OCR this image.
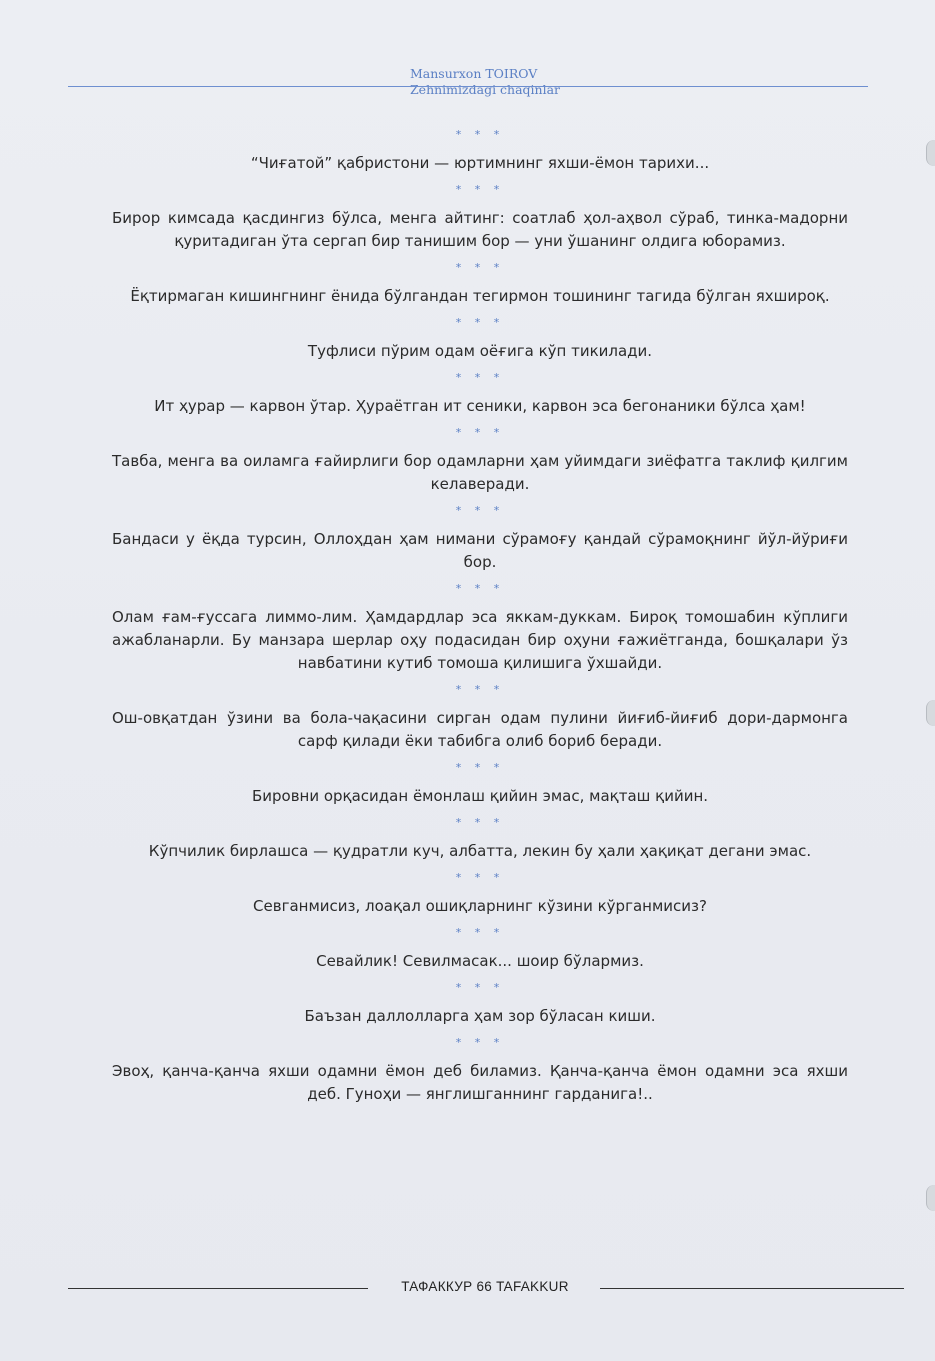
Mansurxon TOIROV
Zehnimizdagi chaqinlar
* * *

“Чиғатой” қабристони — юртимнинг яхши-ёмон тарихи...

* * *

Бирор кимсада қасдингиз бўлса, менга айтинг: соатлаб ҳол-аҳвол сўраб, тинка-мадорни қуритадиган ўта сергап бир танишим бор — уни ўшанинг олдига юборамиз.

* * *

Ёқтирмаган кишингнинг ёнида бўлгандан тегирмон тошининг тагида бўлган яхшироқ.

* * *

Туфлиси пўрим одам оёғига кўп тикилади.

* * *

Ит ҳурар — карвон ўтар. Ҳураётган ит сеники, карвон эса бегонаники бўлса ҳам!

* * *

Тавба, менга ва оиламга ғайирлиги бор одамларни ҳам уйимдаги зиёфатга таклиф қилгим келаверади.

* * *

Бандаси у ёқда турсин, Оллоҳдан ҳам нимани сўрамоғу қандай сўрамоқнинг йўл-йўриғи бор.

* * *

Олам ғам-ғуссага лиммо-лим. Ҳамдардлар эса яккам-дуккам. Бироқ томошабин кўплиги ажабланарли. Бу манзара шерлар оҳу подасидан бир оҳуни ғажиётганда, бошқалари ўз навбатини кутиб томоша қилишига ўхшайди.

* * *

Ош-овқатдан ўзини ва бола-чақасини сирган одам пулини йиғиб-йиғиб дори-дармонга сарф қилади ёки табибга олиб бориб беради.

* * *

Бировни орқасидан ёмонлаш қийин эмас, мақташ қийин.

* * *

Кўпчилик бирлашса — қудратли куч, албатта, лекин бу ҳали ҳақиқат дегани эмас.

* * *

Севганмисиз, лоақал ошиқларнинг кўзини кўрганмисиз?

* * *

Севайлик! Севилмасак... шоир бўлармиз.

* * *

Баъзан даллолларга ҳам зор бўласан киши.

* * *

Эвоҳ, қанча-қанча яхши одамни ёмон деб биламиз. Қанча-қанча ёмон одамни эса яхши деб. Гуноҳи — янглишганнинг гарданига!..

ТАФАККУР 66 TAFAKKUR
